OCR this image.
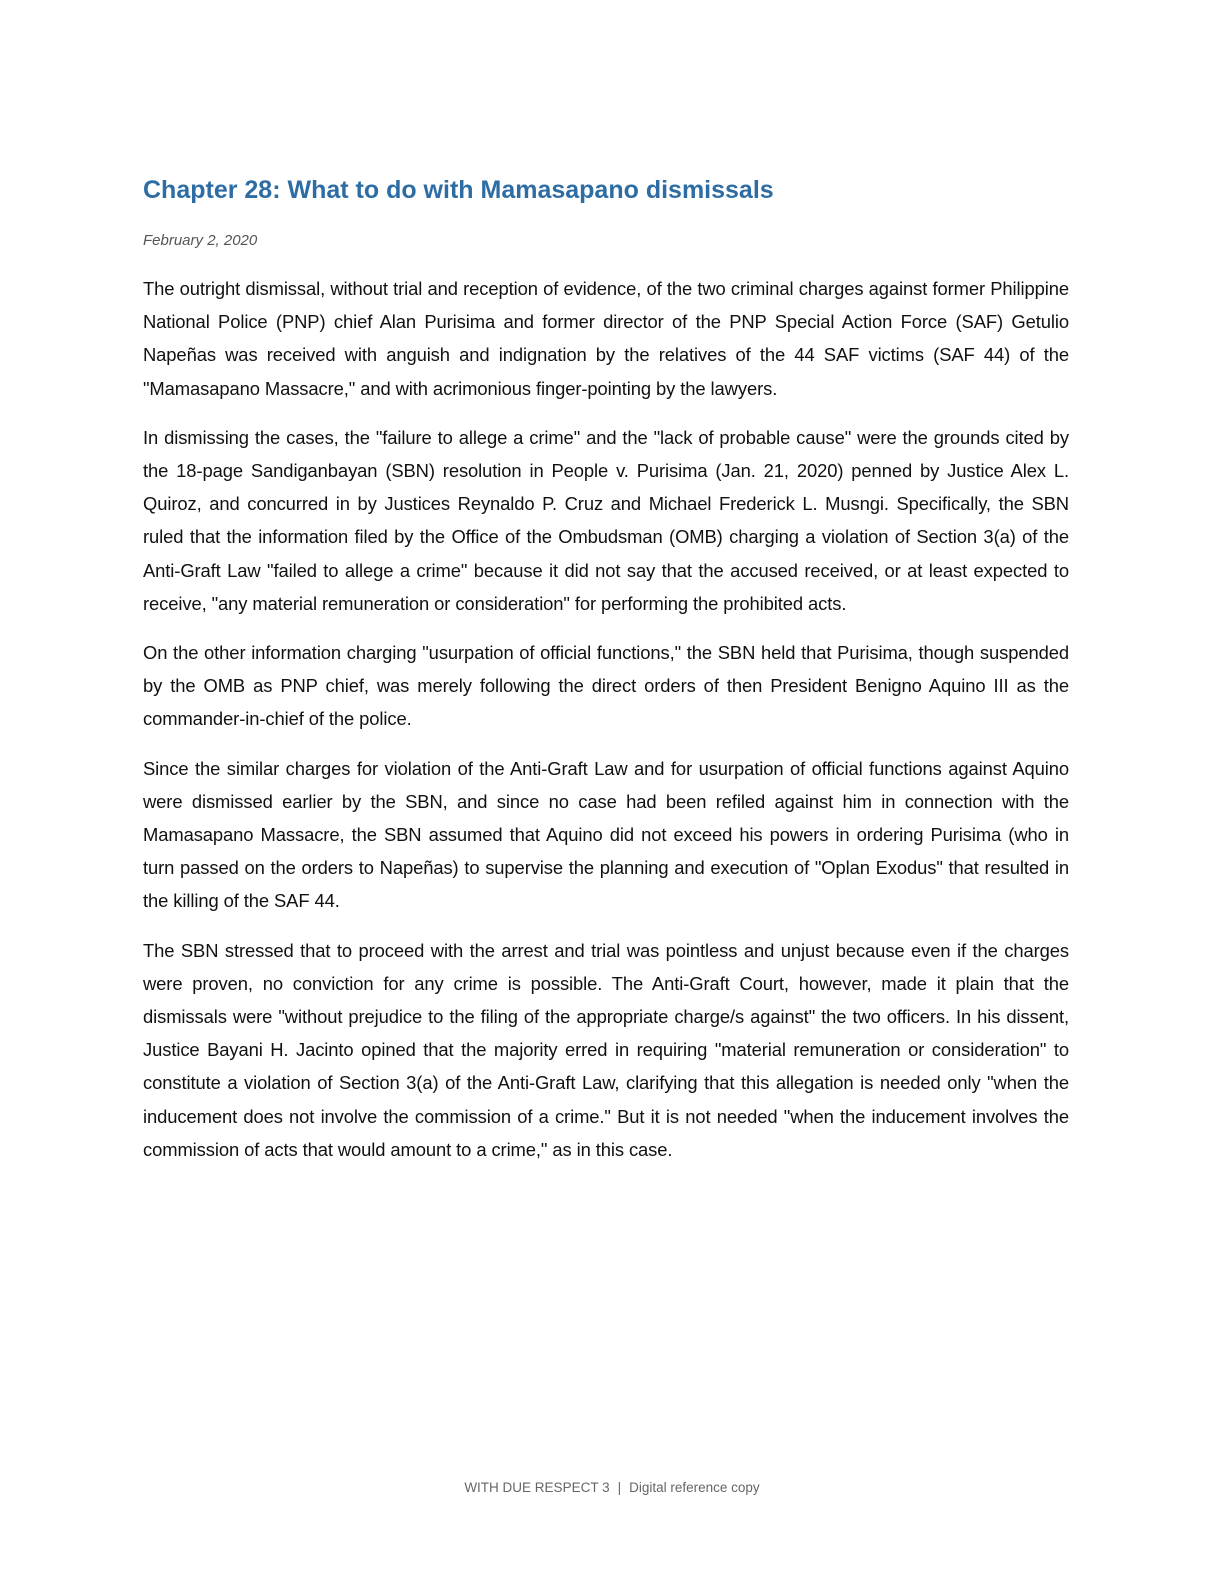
Chapter 28: What to do with Mamasapano dismissals

February 2, 2020

The outright dismissal, without trial and reception of evidence, of the two criminal charges against former Philippine National Police (PNP) chief Alan Purisima and former director of the PNP Special Action Force (SAF) Getulio Napeñas was received with anguish and indignation by the relatives of the 44 SAF victims (SAF 44) of the "Mamasapano Massacre," and with acrimonious finger-pointing by the lawyers.

In dismissing the cases, the "failure to allege a crime" and the "lack of probable cause" were the grounds cited by the 18-page Sandiganbayan (SBN) resolution in People v. Purisima (Jan. 21, 2020) penned by Justice Alex L. Quiroz, and concurred in by Justices Reynaldo P. Cruz and Michael Frederick L. Musngi. Specifically, the SBN ruled that the information filed by the Office of the Ombudsman (OMB) charging a violation of Section 3(a) of the Anti-Graft Law "failed to allege a crime" because it did not say that the accused received, or at least expected to receive, "any material remuneration or consideration" for performing the prohibited acts.

On the other information charging "usurpation of official functions," the SBN held that Purisima, though suspended by the OMB as PNP chief, was merely following the direct orders of then President Benigno Aquino III as the commander-in-chief of the police.

Since the similar charges for violation of the Anti-Graft Law and for usurpation of official functions against Aquino were dismissed earlier by the SBN, and since no case had been refiled against him in connection with the Mamasapano Massacre, the SBN assumed that Aquino did not exceed his powers in ordering Purisima (who in turn passed on the orders to Napeñas) to supervise the planning and execution of "Oplan Exodus" that resulted in the killing of the SAF 44.

The SBN stressed that to proceed with the arrest and trial was pointless and unjust because even if the charges were proven, no conviction for any crime is possible. The Anti-Graft Court, however, made it plain that the dismissals were "without prejudice to the filing of the appropriate charge/s against" the two officers. In his dissent, Justice Bayani H. Jacinto opined that the majority erred in requiring "material remuneration or consideration" to constitute a violation of Section 3(a) of the Anti-Graft Law, clarifying that this allegation is needed only "when the inducement does not involve the commission of a crime." But it is not needed "when the inducement involves the commission of acts that would amount to a crime," as in this case.

WITH DUE RESPECT 3 | Digital reference copy
